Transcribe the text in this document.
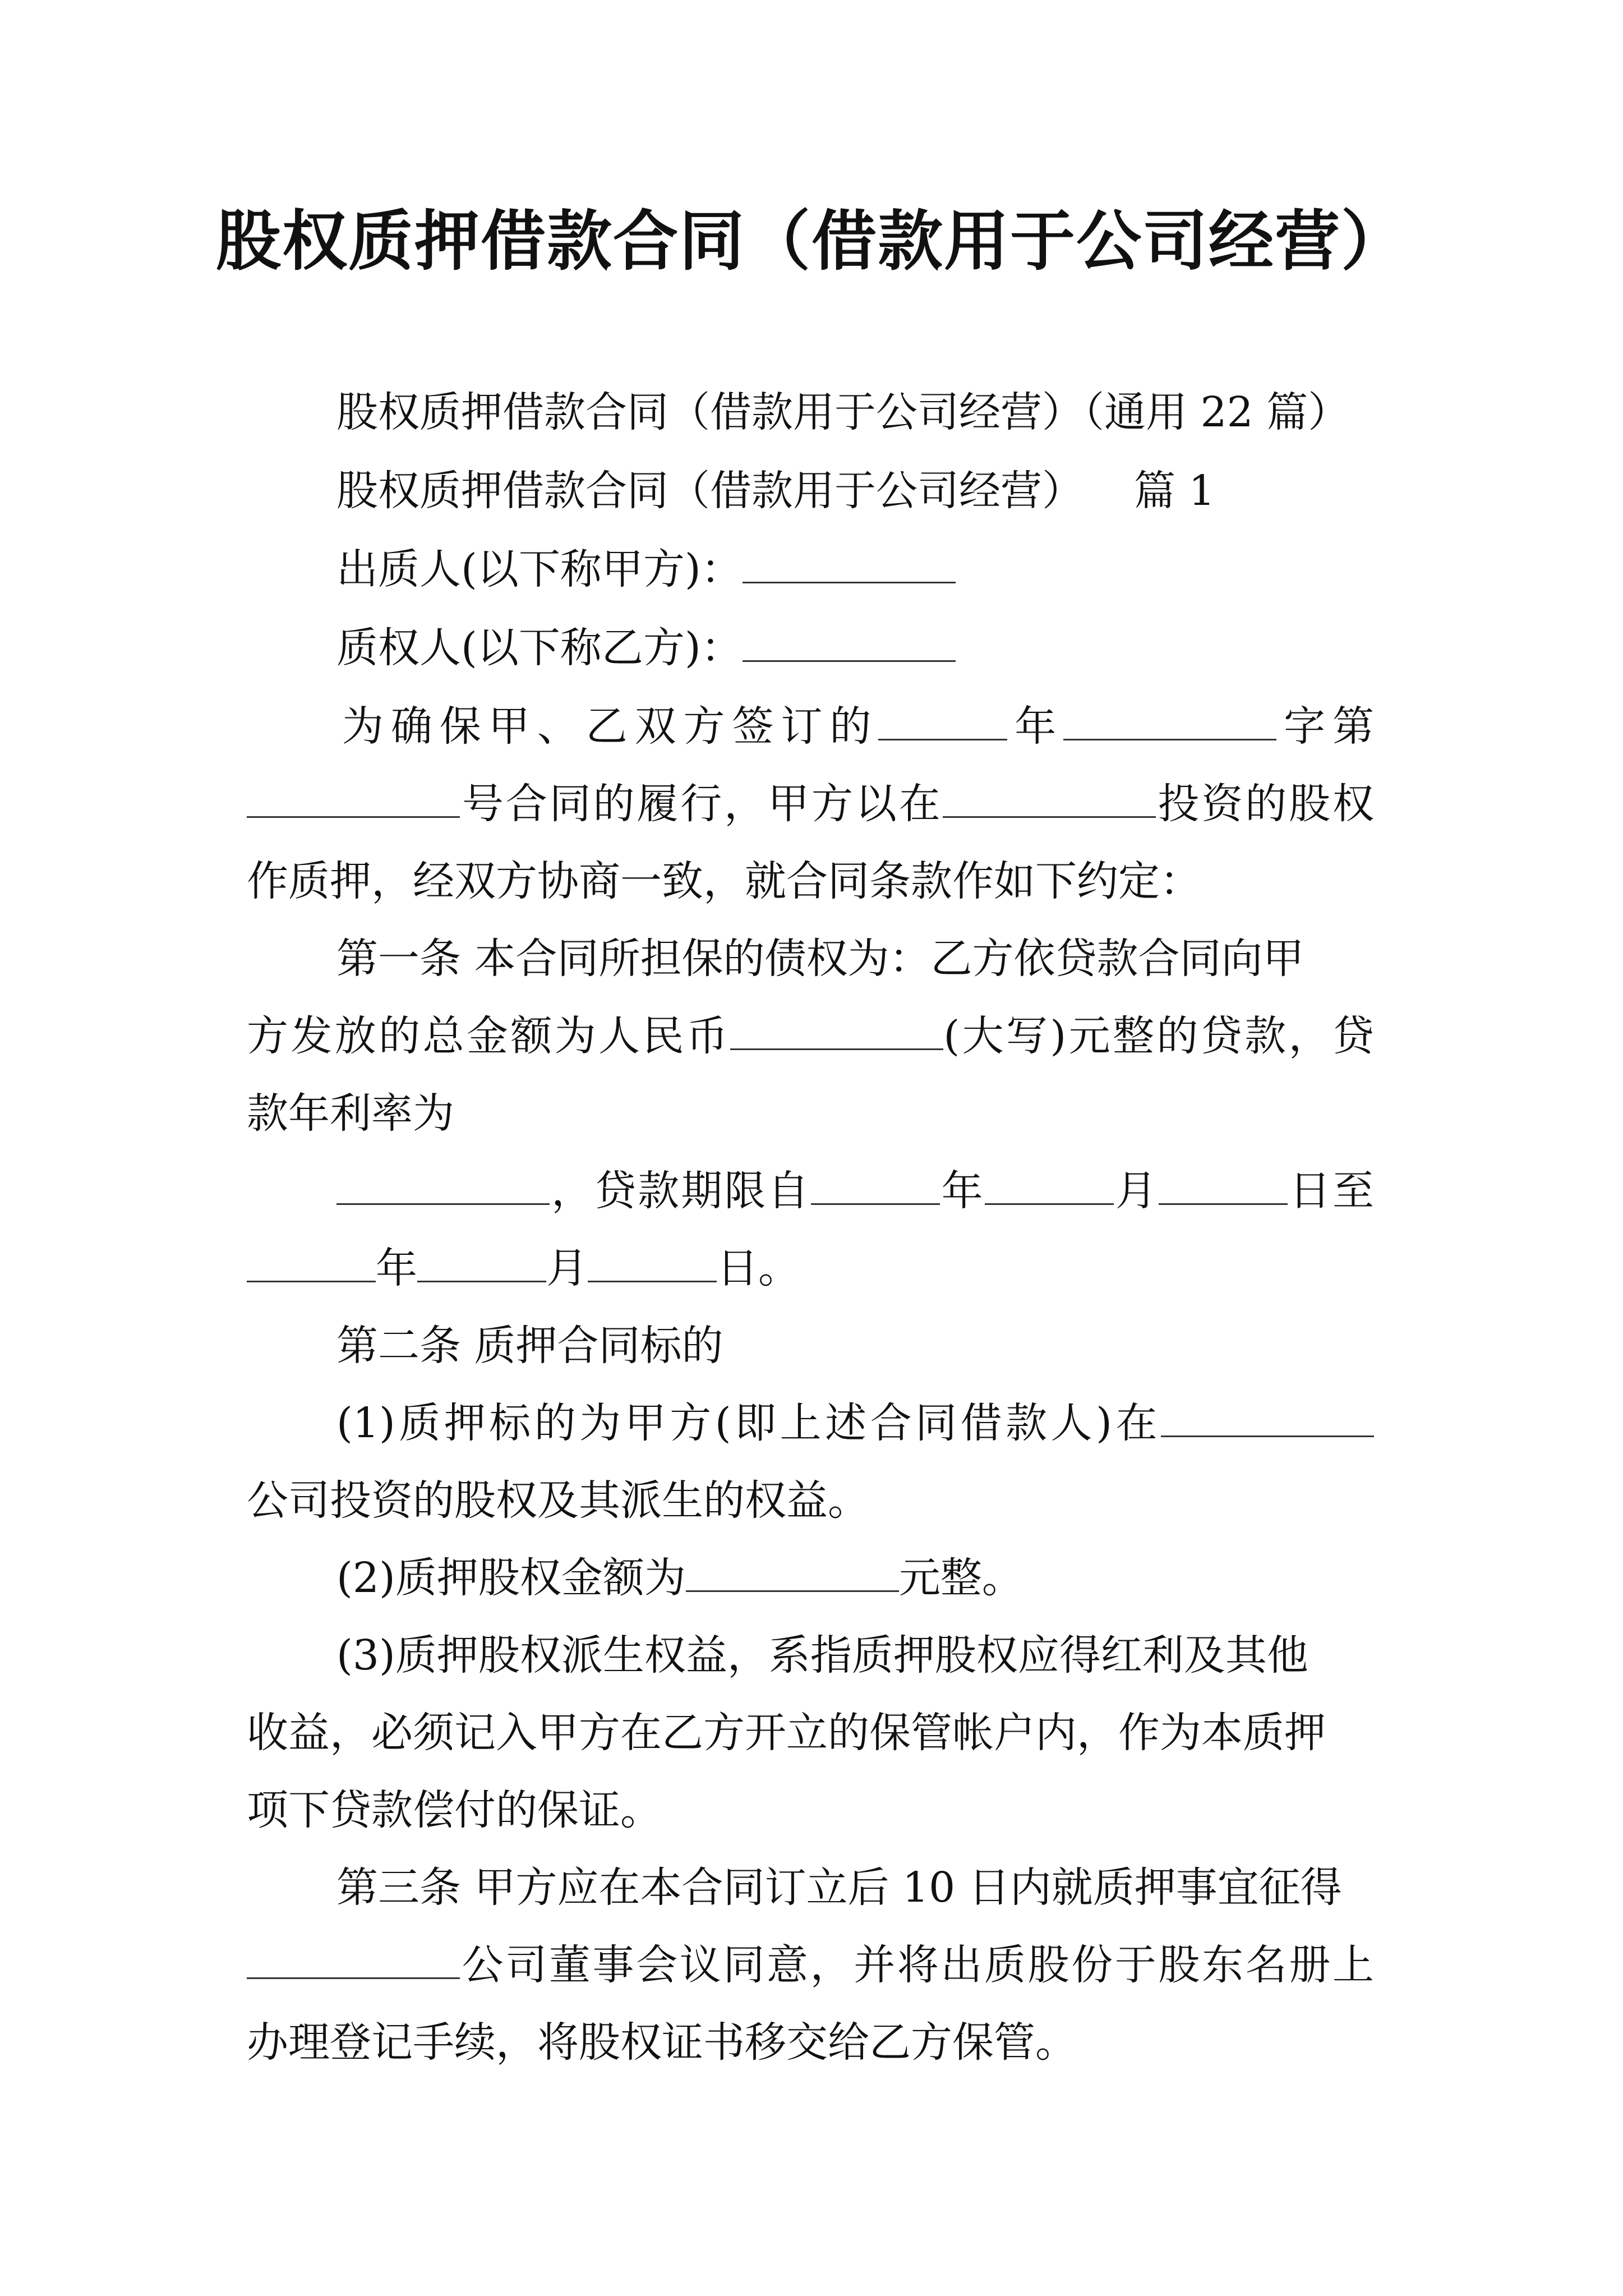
股权质押借款合同（借款用于公司经营）
股权质押借款合同（借款用于公司经营）（通用 22 篇）
股权质押借款合同（借款用于公司经营） 篇 1
出质人(以下称甲方)：
质权人(以下称乙方)：
为确保甲、乙双方签订的	年	字第
号合同的履行，甲方以在	投资的股权
作质押，经双方协商一致，就合同条款作如下约定：
第一条 本合同所担保的债权为：乙方依贷款合同向甲
方发放的总金额为人民币	(大写)元整的贷款，贷
款年利率为
，贷款期限自	年	月	日至
年	月	日。
第二条 质押合同标的
(1)质押标的为甲方(即上述合同借款人)在
公司投资的股权及其派生的权益。
(2)质押股权金额为	元整。
(3)质押股权派生权益，系指质押股权应得红利及其他
收益，必须记入甲方在乙方开立的保管帐户内，作为本质押
项下贷款偿付的保证。
第三条 甲方应在本合同订立后 10 日内就质押事宜征得
公司董事会议同意，并将出质股份于股东名册上
办理登记手续，将股权证书移交给乙方保管。
